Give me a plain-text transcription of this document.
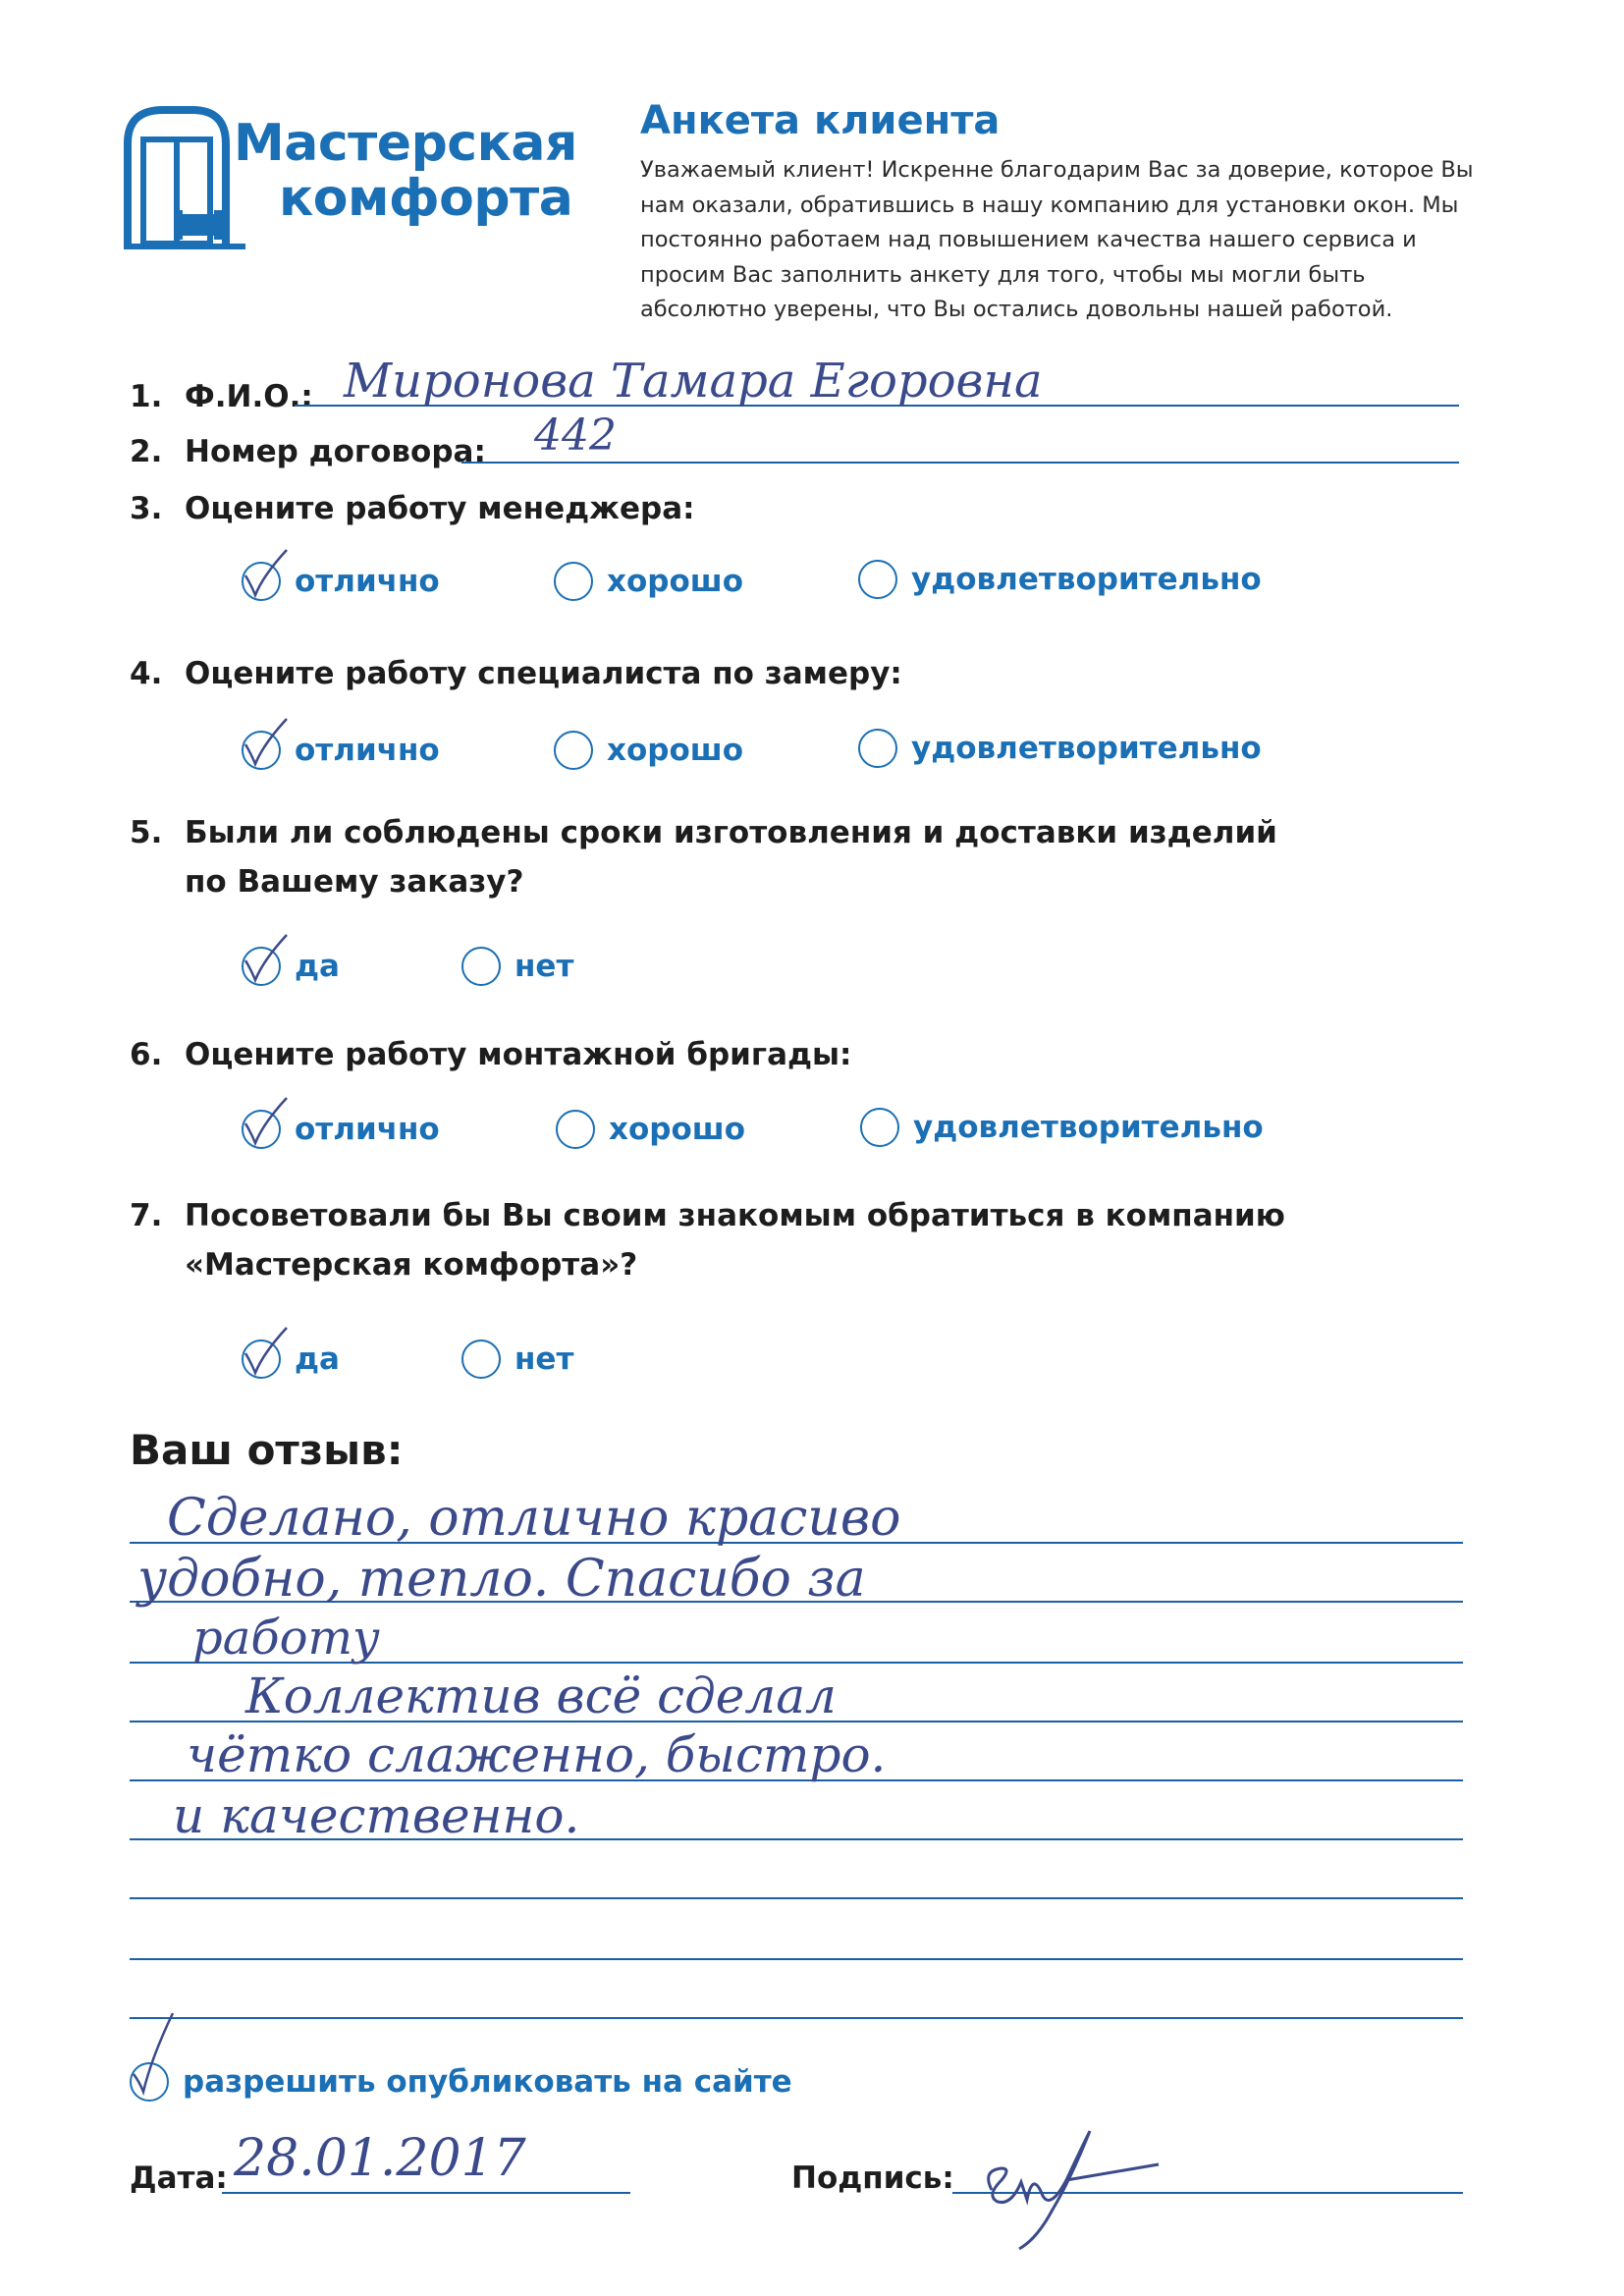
Мастерская
комфорта
Анкета клиента
Уважаемый клиент! Искренне благодарим Вас за доверие, которое Вы нам оказали, обратившись в нашу компанию для установки окон. Мы постоянно работаем над повышением качества нашего сервиса и просим Вас заполнить анкету для того, чтобы мы могли быть абсолютно уверены, что Вы остались довольны нашей работой.
1. Ф.И.О.: Миронова Тамара Егоровна
2. Номер договора: 442
3. Оцените работу менеджера:
отлично	хорошо	удовлетворительно
4. Оцените работу специалиста по замеру:
отлично	хорошо	удовлетворительно
5. Были ли соблюдены сроки изготовления и доставки изделий
по Вашему заказу?
да	нет
6. Оцените работу монтажной бригады:
отлично	хорошо	удовлетворительно
7. Посоветовали бы Вы своим знакомым обратиться в компанию
«Мастерская комфорта»?
да	нет
Ваш отзыв:
Сделано, отлично красиво
удобно, тепло. Спасибо за
работу
Коллектив всё сделал
чётко слаженно, быстро.
и качественно.
разрешить опубликовать на сайте
Дата: 28.01.2017	Подпись:
